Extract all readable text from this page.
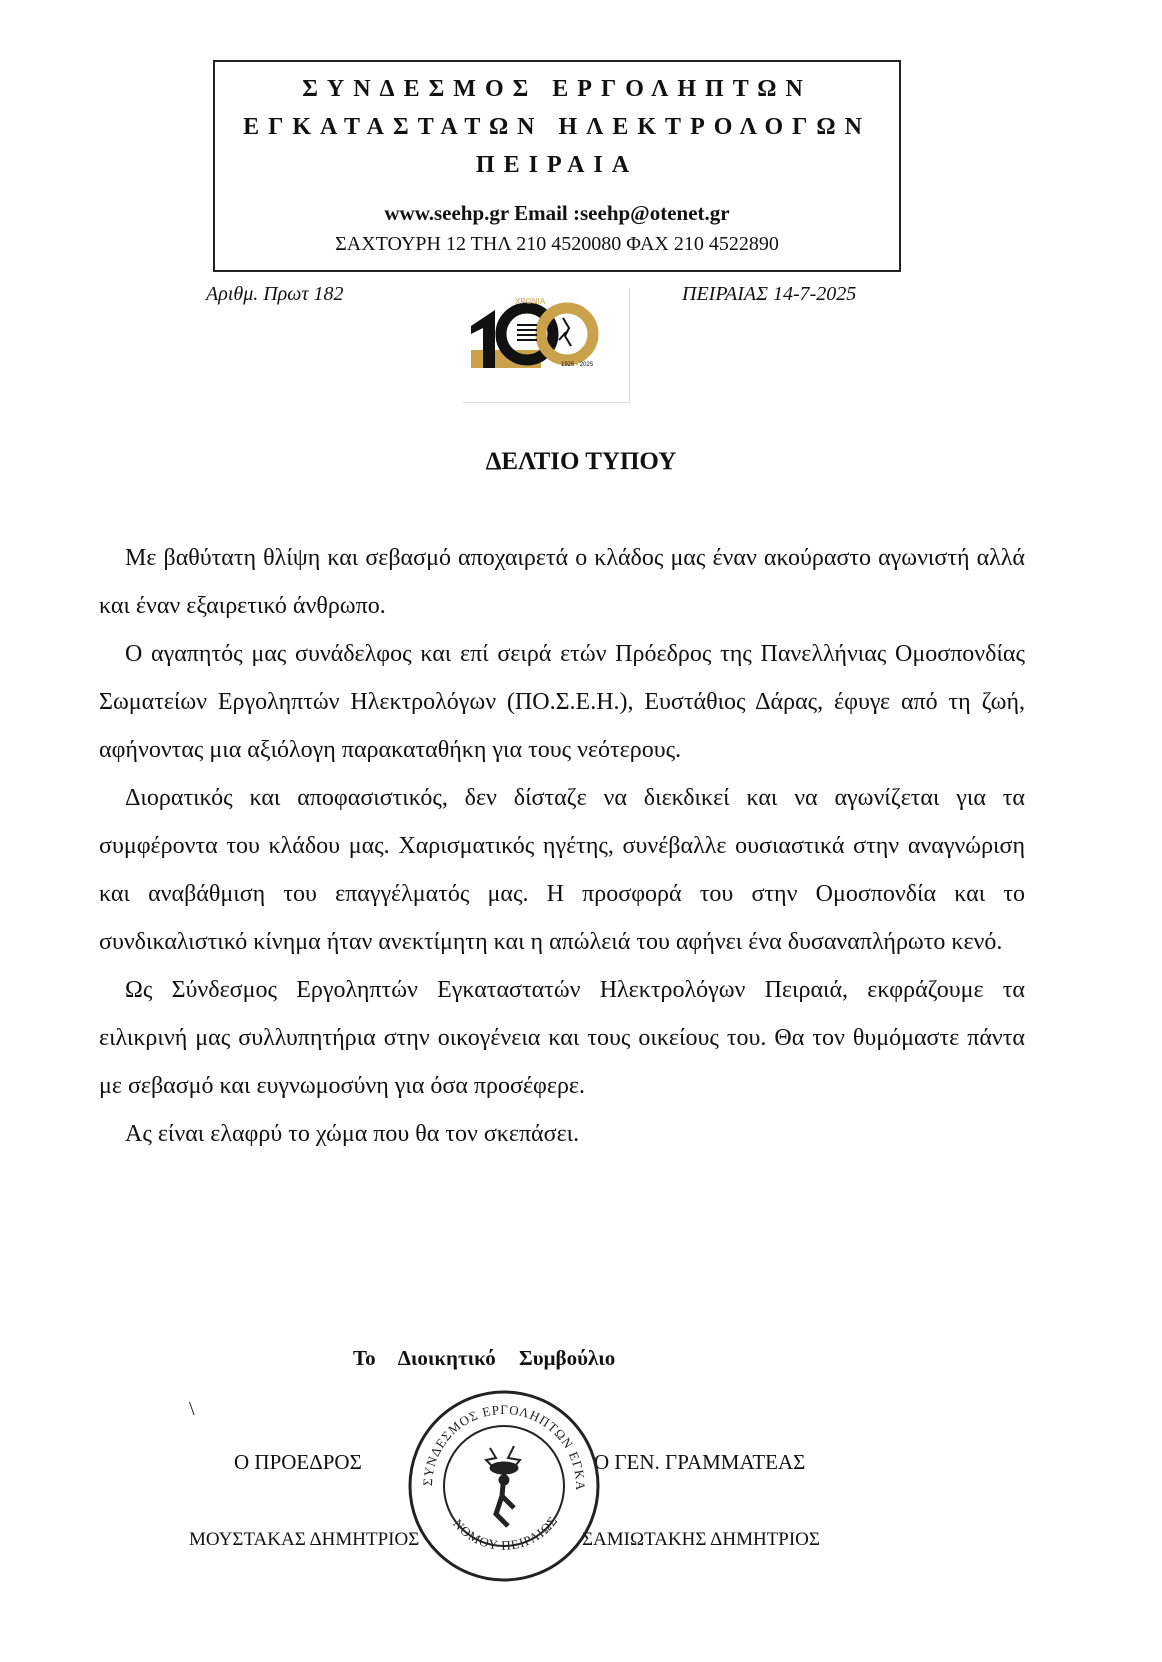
ΣΥΝΔΕΣΜΟΣ ΕΡΓΟΛΗΠΤΩΝ
ΕΓΚΑΤΑΣΤΑΤΩΝ ΗΛΕΚΤΡΟΛΟΓΩΝ
ΠΕΙΡΑΙΑ
www.seehp.gr Email :seehp@otenet.gr
ΣΑΧΤΟΥΡΗ 12 ΤΗΛ 210 4520080 ΦΑΧ 210 4522890
Αριθμ. Πρωτ 182	ΠΕΙΡΑΙΑΣ 14-7-2025
ΧΡΟΝΙΑ
1925 - 2025
100
ΔΕΛΤΙΟ ΤΥΠΟΥ

Με βαθύτατη θλίψη και σεβασμό αποχαιρετά ο κλάδος μας έναν ακούραστο αγωνιστή αλλά και έναν εξαιρετικό άνθρωπο.

Ο αγαπητός μας συνάδελφος και επί σειρά ετών Πρόεδρος της Πανελλήνιας Ομοσπονδίας Σωματείων Εργοληπτών Ηλεκτρολόγων (ΠΟ.Σ.Ε.Η.), Ευστάθιος Δάρας, έφυγε από τη ζωή, αφήνοντας μια αξιόλογη παρακαταθήκη για τους νεότερους.

Διορατικός και αποφασιστικός, δεν δίσταζε να διεκδικεί και να αγωνίζεται για τα συμφέροντα του κλάδου μας. Χαρισματικός ηγέτης, συνέβαλλε ουσιαστικά στην αναγνώριση και αναβάθμιση του επαγγέλματός μας. Η προσφορά του στην Ομοσπονδία και το συνδικαλιστικό κίνημα ήταν ανεκτίμητη και η απώλειά του αφήνει ένα δυσαναπλήρωτο κενό.

Ως Σύνδεσμος Εργοληπτών Εγκαταστατών Ηλεκτρολόγων Πειραιά, εκφράζουμε τα ειλικρινή μας συλλυπητήρια στην οικογένεια και τους οικείους του. Θα τον θυμόμαστε πάντα με σεβασμό και ευγνωμοσύνη για όσα προσέφερε.

Ας είναι ελαφρύ το χώμα που θα τον σκεπάσει.

Το Διοικητικό Συμβούλιο
\
Ο ΠΡΟΕΔΡΟΣ	Ο ΓΕΝ. ΓΡΑΜΜΑΤΕΑΣ
ΜΟΥΣΤΑΚΑΣ ΔΗΜΗΤΡΙΟΣ	ΣΑΜΙΩΤΑΚΗΣ ΔΗΜΗΤΡΙΟΣ
ΣΥΝΔΕΣΜΟΣ ΕΡΓΟΛΗΠΤΩΝ ΕΓΚΑ
ΝΟΜΟΥ ΠΕΙΡΑΙΩΣ
